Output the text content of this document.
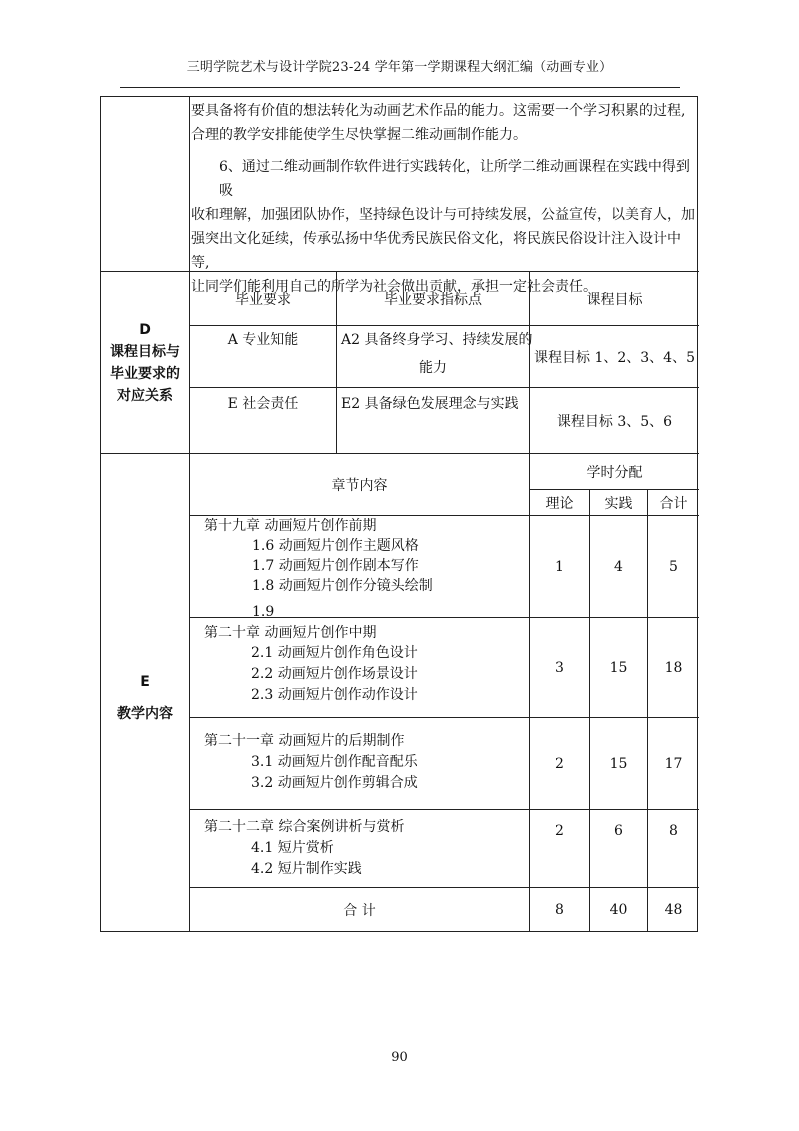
三明学院艺术与设计学院23-24 学年第一学期课程大纲汇编（动画专业）
要具备将有价值的想法转化为动画艺术作品的能力。这需要一个学习积累的过程,
合理的教学安排能使学生尽快掌握二维动画制作能力。
6、通过二维动画制作软件进行实践转化，让所学二维动画课程在实践中得到吸
收和理解，加强团队协作，坚持绿色设计与可持续发展，公益宣传，以美育人，加
强突出文化延续，传承弘扬中华优秀民族民俗文化，将民族民俗设计注入设计中等,
让同学们能利用自己的所学为社会做出贡献，承担一定社会责任。
D
课程目标与
毕业要求的
对应关系
毕业要求	毕业要求指标点	课程目标
A 专业知能	A2 具备终身学习、持续发展的
能力
课程目标 1、2、3、4、5
E 社会责任	E2 具备绿色发展理念与实践
课程目标 3、5、6
E
教学内容
章节内容
学时分配
理论	实践	合计
第十九章 动画短片创作前期
1.6 动画短片创作主题风格
1.7 动画短片创作剧本写作
1.8 动画短片创作分镜头绘制
1.9
1	4	5
第二十章 动画短片创作中期
2.1 动画短片创作角色设计
2.2 动画短片创作场景设计
2.3 动画短片创作动作设计
3	15	18
第二十一章 动画短片的后期制作
3.1 动画短片创作配音配乐
3.2 动画短片创作剪辑合成
2	15	17
第二十二章 综合案例讲析与赏析
4.1 短片赏析
4.2 短片制作实践
2	6	8
合 计	8	40	48
90
